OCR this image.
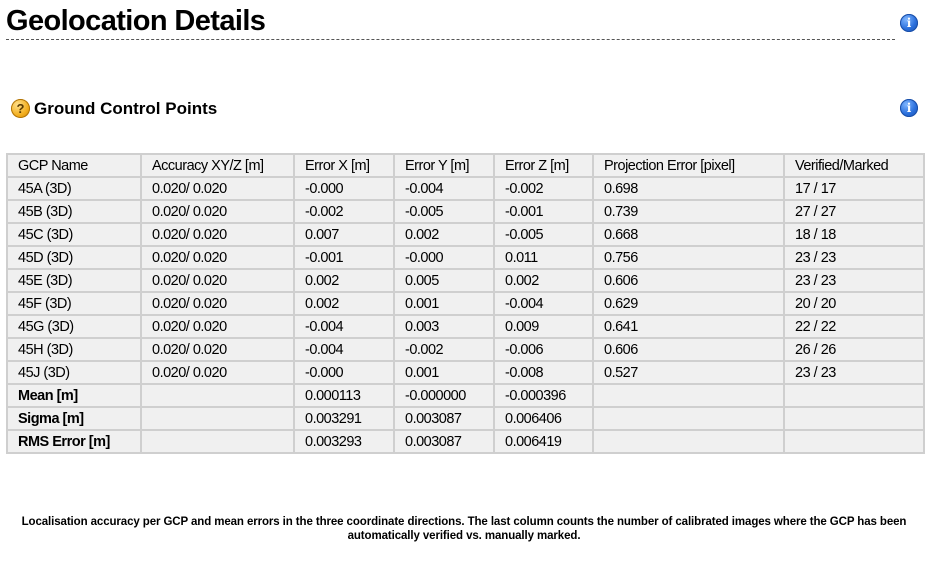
Geolocation Details	i
? Ground Control Points	i
GCP Name	Accuracy XY/Z [m]	Error X [m]	Error Y [m]	Error Z [m]	Projection Error [pixel]	Verified/Marked
45A (3D)	0.020/ 0.020	-0.000	-0.004	-0.002	0.698	17 / 17
45B (3D)	0.020/ 0.020	-0.002	-0.005	-0.001	0.739	27 / 27
45C (3D)	0.020/ 0.020	0.007	0.002	-0.005	0.668	18 / 18
45D (3D)	0.020/ 0.020	-0.001	-0.000	0.011	0.756	23 / 23
45E (3D)	0.020/ 0.020	0.002	0.005	0.002	0.606	23 / 23
45F (3D)	0.020/ 0.020	0.002	0.001	-0.004	0.629	20 / 20
45G (3D)	0.020/ 0.020	-0.004	0.003	0.009	0.641	22 / 22
45H (3D)	0.020/ 0.020	-0.004	-0.002	-0.006	0.606	26 / 26
45J (3D)	0.020/ 0.020	-0.000	0.001	-0.008	0.527	23 / 23
Mean [m]		0.000113	-0.000000	-0.000396		
Sigma [m]		0.003291	0.003087	0.006406		
RMS Error [m]		0.003293	0.003087	0.006419		

Localisation accuracy per GCP and mean errors in the three coordinate directions. The last column counts the number of calibrated images where the GCP has been automatically verified vs. manually marked.
